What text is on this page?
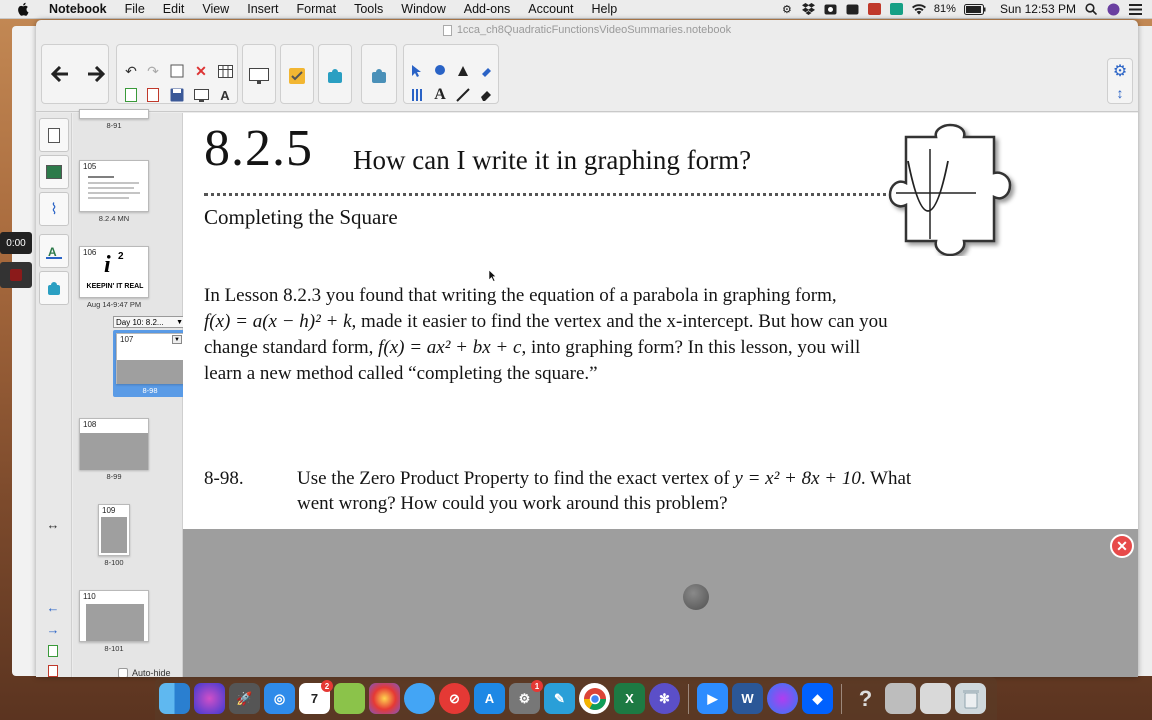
Notebook	File	Edit	View	Insert	Format	Tools	Window	Add-ons	Account	Help	⚙	81%	Sun 12:53 PM
0:00
1cca_ch8QuadraticFunctionsVideoSummaries.notebook
↶ ↷	✕
A	A
⚙
↕
⌇
A
↔
←
→
8-91
105
8.2.4 MN
106 i 2
KEEPIN' IT REAL
Aug 14-9:47 PM
Day 10: 8.2... ▼
107	▼
8-98
108
8-99
109
8-100
110
8-101
Auto-hide
8.2.5 How can I write it in graphing form?
Completing the Square
In Lesson 8.2.3 you found that writing the equation of a parabola in graphing form,
f(x) = a(x − h)² + k, made it easier to find the vertex and the x-intercept. But how can you
change standard form, f(x) = ax² + bx + c, into graphing form? In this lesson, you will
learn a new method called “completing the square.”
8-98.	Use the Zero Product Property to find the exact vertex of y = x² + 8x + 10. What
went wrong? How could you work around this problem?
✕
🚀	◎	7
2
⊘	A	⚙
1
✎	X	✻	▶	W	◆	?
